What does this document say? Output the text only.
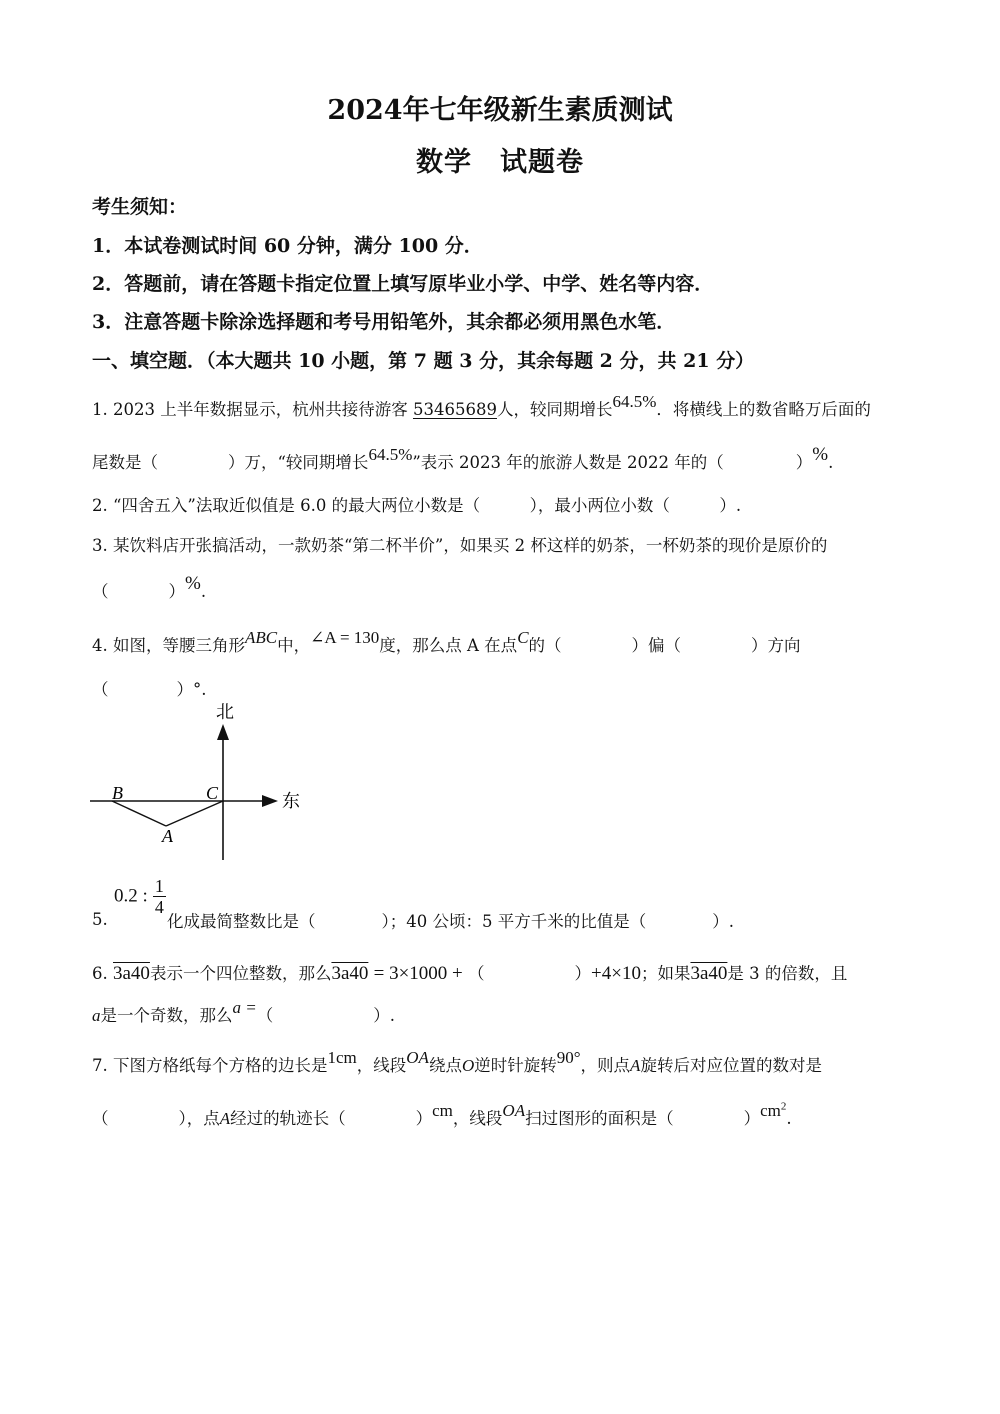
2024年七年级新生素质测试
数学　试题卷
考生须知：
1．本试卷测试时间 60 分钟，满分 100 分．
2．答题前，请在答题卡指定位置上填写原毕业小学、中学、姓名等内容．
3．注意答题卡除涂选择题和考号用铅笔外，其余都必须用黑色水笔．
一、填空题．（本大题共 10 小题，第 7 题 3 分，其余每题 2 分，共 21 分）
1. 2023 上半年数据显示，杭州共接待游客 53465689人，较同期增长64.5%．将横线上的数省略万后面的
尾数是（	）万，“较同期增长64.5%”表示 2023 年的旅游人数是 2022 年的（	）%.
2. “四舍五入”法取近似值是 6.0 的最大两位小数是（　　　），最小两位小数（　　　）.
3. 某饮料店开张搞活动，一款奶茶“第二杯半价”，如果买 2 杯这样的奶茶，一杯奶茶的现价是原价的
（	）%.
4. 如图，等腰三角形ABC中，∠A = 130度，那么点 A 在点C的（	）偏（	）方向
（	）°.
北
东
B	C
A
5.
0.2 : $\frac{1}{4}$
化成最简整数比是（　　　　）；40 公顷：5 平方千米的比值是（　　　　）.
6. 3a40表示一个四位整数，那么3a40 = 3×1000 + （	）+4×10；如果3a40是 3 的倍数，且
a是一个奇数，那么a =（	）.
7. 下图方格纸每个方格的边长是1cm，线段OA绕点O逆时针旋转90°，则点A旋转后对应位置的数对是
（	），点A经过的轨迹长（	）cm，线段OA扫过图形的面积是（	）$cm^2$.
